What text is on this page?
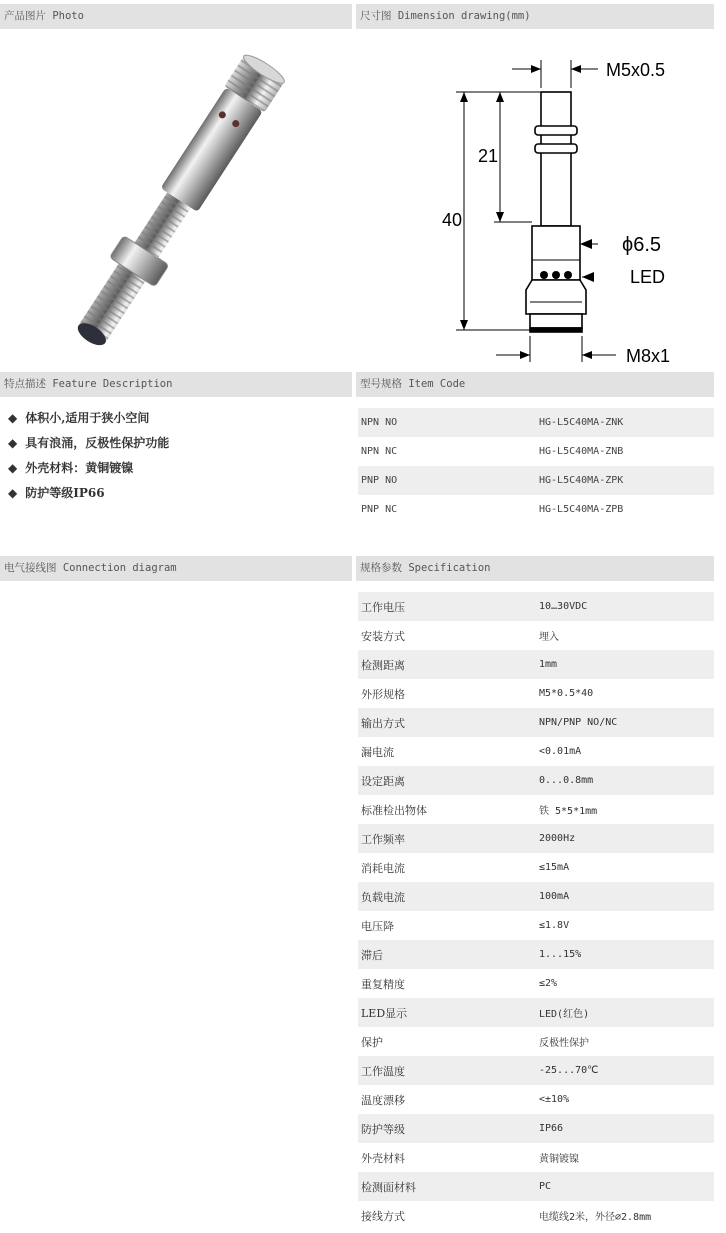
产品图片 Photo	尺寸图 Dimension drawing(mm)
特点描述 Feature Description	型号规格 Item Code
电气接线图 Connection diagram	规格参数 Specification
M5x0.5
21
40
ϕ6.5
LED
M8x1
◆ 体积小,适用于狭小空间
◆ 具有浪涌，反极性保护功能
◆ 外壳材料：黄铜镀镍
◆ 防护等级IP66
NPN NO	HG-L5C40MA-ZNK
NPN NC	HG-L5C40MA-ZNB
PNP NO	HG-L5C40MA-ZPK
PNP NC	HG-L5C40MA-ZPB
工作电压	10…30VDC
安装方式	埋入
检测距离	1mm
外形规格	M5*0.5*40
输出方式	NPN/PNP NO/NC
漏电流	<0.01mA
设定距离	0...0.8mm
标准检出物体	铁 5*5*1mm
工作频率	2000Hz
消耗电流	≤15mA
负载电流	100mA
电压降	≤1.8V
滞后	1...15%
重复精度	≤2%
LED显示	LED(红色)
保护	反极性保护
工作温度	-25...70℃
温度漂移	<±10%
防护等级	IP66
外壳材料	黄铜镀镍
检测面材料	PC
接线方式	电缆线2米，外径⌀2.8mm
